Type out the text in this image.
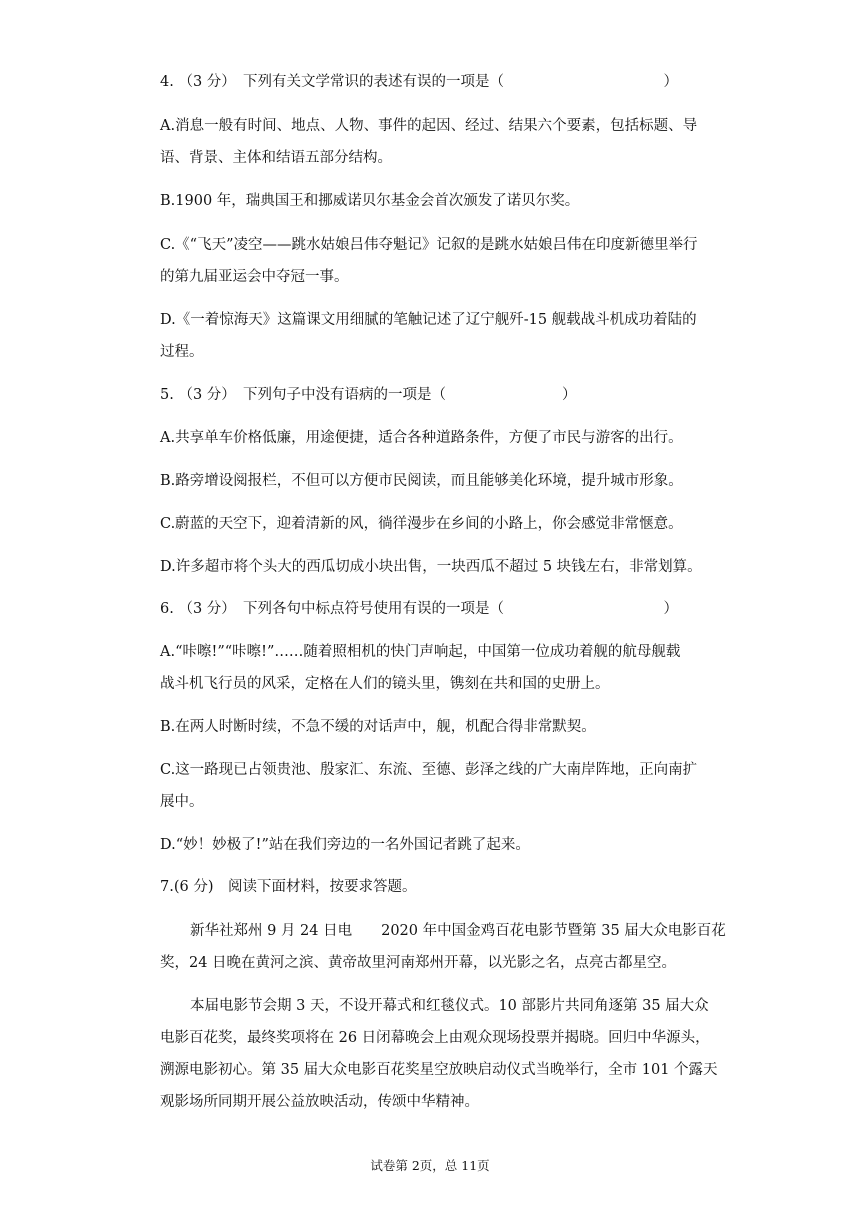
4. （3 分）　下列有关文学常识的表述有误的一项是（　　　　　　　　　　　）
A.消息一般有时间、地点、人物、事件的起因、经过、结果六个要素，包括标题、导
语、背景、主体和结语五部分结构。
B.1900 年，瑞典国王和挪威诺贝尔基金会首次颁发了诺贝尔奖。
C.《“飞天”凌空——跳水姑娘吕伟夺魁记》记叙的是跳水姑娘吕伟在印度新德里举行
的第九届亚运会中夺冠一事。
D.《一着惊海天》这篇课文用细腻的笔触记述了辽宁舰歼-15 舰载战斗机成功着陆的
过程。
5. （3 分）　下列句子中没有语病的一项是（　　　　　　　　）
A.共享单车价格低廉，用途便捷，适合各种道路条件，方便了市民与游客的出行。
B.路旁增设阅报栏，不但可以方便市民阅读，而且能够美化环境，提升城市形象。
C.蔚蓝的天空下，迎着清新的风，徜徉漫步在乡间的小路上，你会感觉非常惬意。
D.许多超市将个头大的西瓜切成小块出售，一块西瓜不超过 5 块钱左右，非常划算。
6. （3 分）　下列各句中标点符号使用有误的一项是（　　　　　　　　　　　）
A.“咔嚓!”“咔嚓!”……随着照相机的快门声响起，中国第一位成功着舰的航母舰载
战斗机飞行员的风采，定格在人们的镜头里，镌刻在共和国的史册上。
B.在两人时断时续，不急不缓的对话声中，舰，机配合得非常默契。
C.这一路现已占领贵池、殷家汇、东流、至德、彭泽之线的广大南岸阵地，正向南扩
展中。
D.“妙！妙极了!”站在我们旁边的一名外国记者跳了起来。
7.(6 分)　阅读下面材料，按要求答题。
新华社郑州 9 月 24 日电　　2020 年中国金鸡百花电影节暨第 35 届大众电影百花
奖，24 日晚在黄河之滨、黄帝故里河南郑州开幕，以光影之名，点亮古都星空。
本届电影节会期 3 天，不设开幕式和红毯仪式。10 部影片共同角逐第 35 届大众
电影百花奖，最终奖项将在 26 日闭幕晚会上由观众现场投票并揭晓。回归中华源头，
溯源电影初心。第 35 届大众电影百花奖星空放映启动仪式当晚举行，全市 101 个露天
观影场所同期开展公益放映活动，传颂中华精神。
试卷第 2页，总 11页
